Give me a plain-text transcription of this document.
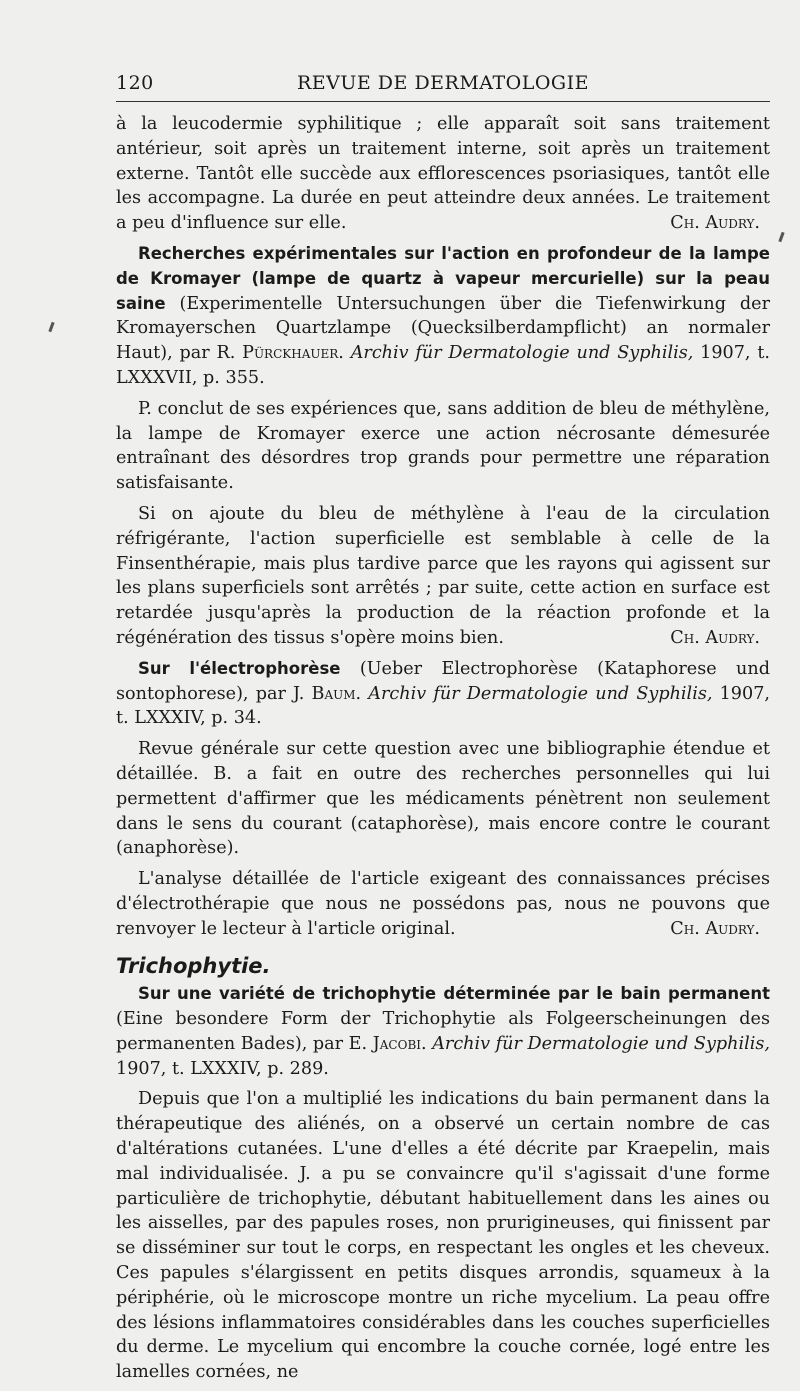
120	REVUE DE DERMATOLOGIE

à la leucodermie syphilitique ; elle apparaît soit sans traitement antérieur, soit après un traitement interne, soit après un traitement externe. Tantôt elle succède aux efflorescences psoriasiques, tantôt elle les accompagne. La durée en peut atteindre deux années. Le traitement a peu d'influence sur elle.	Ch. Audry.

Recherches expérimentales sur l'action en profondeur de la lampe de Kromayer (lampe de quartz à vapeur mercurielle) sur la peau saine (Experimentelle Untersuchungen über die Tiefenwirkung der Kromayerschen Quartzlampe (Quecksilberdampflicht) an normaler Haut), par R. Pürckhauer. Archiv für Dermatologie und Syphilis, 1907, t. LXXXVII, p. 355.

P. conclut de ses expériences que, sans addition de bleu de méthylène, la lampe de Kromayer exerce une action nécrosante démesurée entraînant des désordres trop grands pour permettre une réparation satisfaisante.

Si on ajoute du bleu de méthylène à l'eau de la circulation réfrigérante, l'action superficielle est semblable à celle de la Finsenthérapie, mais plus tardive parce que les rayons qui agissent sur les plans superficiels sont arrêtés ; par suite, cette action en surface est retardée jusqu'après la production de la réaction profonde et la régénération des tissus s'opère moins bien.	Ch. Audry.

Sur l'électrophorèse (Ueber Electrophorèse (Kataphorese und sontophorese), par J. Baum. Archiv für Dermatologie und Syphilis, 1907, t. LXXXIV, p. 34.

Revue générale sur cette question avec une bibliographie étendue et détaillée. B. a fait en outre des recherches personnelles qui lui permettent d'affirmer que les médicaments pénètrent non seulement dans le sens du courant (cataphorèse), mais encore contre le courant (anaphorèse).

L'analyse détaillée de l'article exigeant des connaissances précises d'électrothérapie que nous ne possédons pas, nous ne pouvons que renvoyer le lecteur à l'article original.	Ch. Audry.

Trichophytie.

Sur une variété de trichophytie déterminée par le bain permanent (Eine besondere Form der Trichophytie als Folgeerscheinungen des permanenten Bades), par E. Jacobi. Archiv für Dermatologie und Syphilis, 1907, t. LXXXIV, p. 289.

Depuis que l'on a multiplié les indications du bain permanent dans la thérapeutique des aliénés, on a observé un certain nombre de cas d'altérations cutanées. L'une d'elles a été décrite par Kraepelin, mais mal individualisée. J. a pu se convaincre qu'il s'agissait d'une forme particulière de trichophytie, débutant habituellement dans les aines ou les aisselles, par des papules roses, non prurigineuses, qui finissent par se disséminer sur tout le corps, en respectant les ongles et les cheveux. Ces papules s'élargissent en petits disques arrondis, squameux à la périphérie, où le microscope montre un riche mycelium. La peau offre des lésions inflammatoires considérables dans les couches superficielles du derme. Le mycelium qui encombre la couche cornée, logé entre les lamelles cornées, ne
